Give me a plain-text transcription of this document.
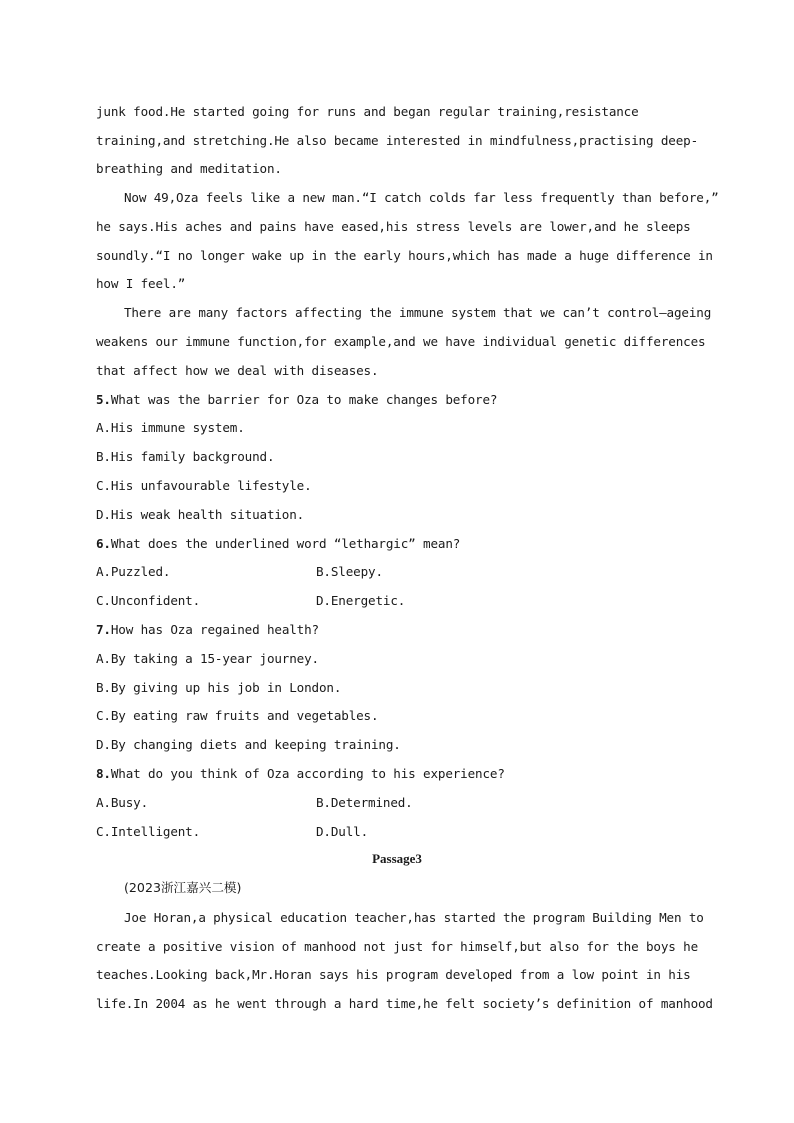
junk food.He started going for runs and began regular training,resistance
training,and stretching.He also became interested in mindfulness,practising deep-
breathing and meditation.
Now 49,Oza feels like a new man.“I catch colds far less frequently than before,”
he says.His aches and pains have eased,his stress levels are lower,and he sleeps
soundly.“I no longer wake up in the early hours,which has made a huge difference in
how I feel.”
There are many factors affecting the immune system that we can’t control—ageing
weakens our immune function,for example,and we have individual genetic differences
that affect how we deal with diseases.
5.What was the barrier for Oza to make changes before?
A.His immune system.
B.His family background.
C.His unfavourable lifestyle.
D.His weak health situation.
6.What does the underlined word “lethargic” mean?
A.Puzzled.	B.Sleepy.
C.Unconfident.	D.Energetic.
7.How has Oza regained health?
A.By taking a 15-year journey.
B.By giving up his job in London.
C.By eating raw fruits and vegetables.
D.By changing diets and keeping training.
8.What do you think of Oza according to his experience?
A.Busy.	B.Determined.
C.Intelligent.	D.Dull.
Passage3
(2023浙江嘉兴二模)
Joe Horan,a physical education teacher,has started the program Building Men to
create a positive vision of manhood not just for himself,but also for the boys he
teaches.Looking back,Mr.Horan says his program developed from a low point in his
life.In 2004 as he went through a hard time,he felt society’s definition of manhood
